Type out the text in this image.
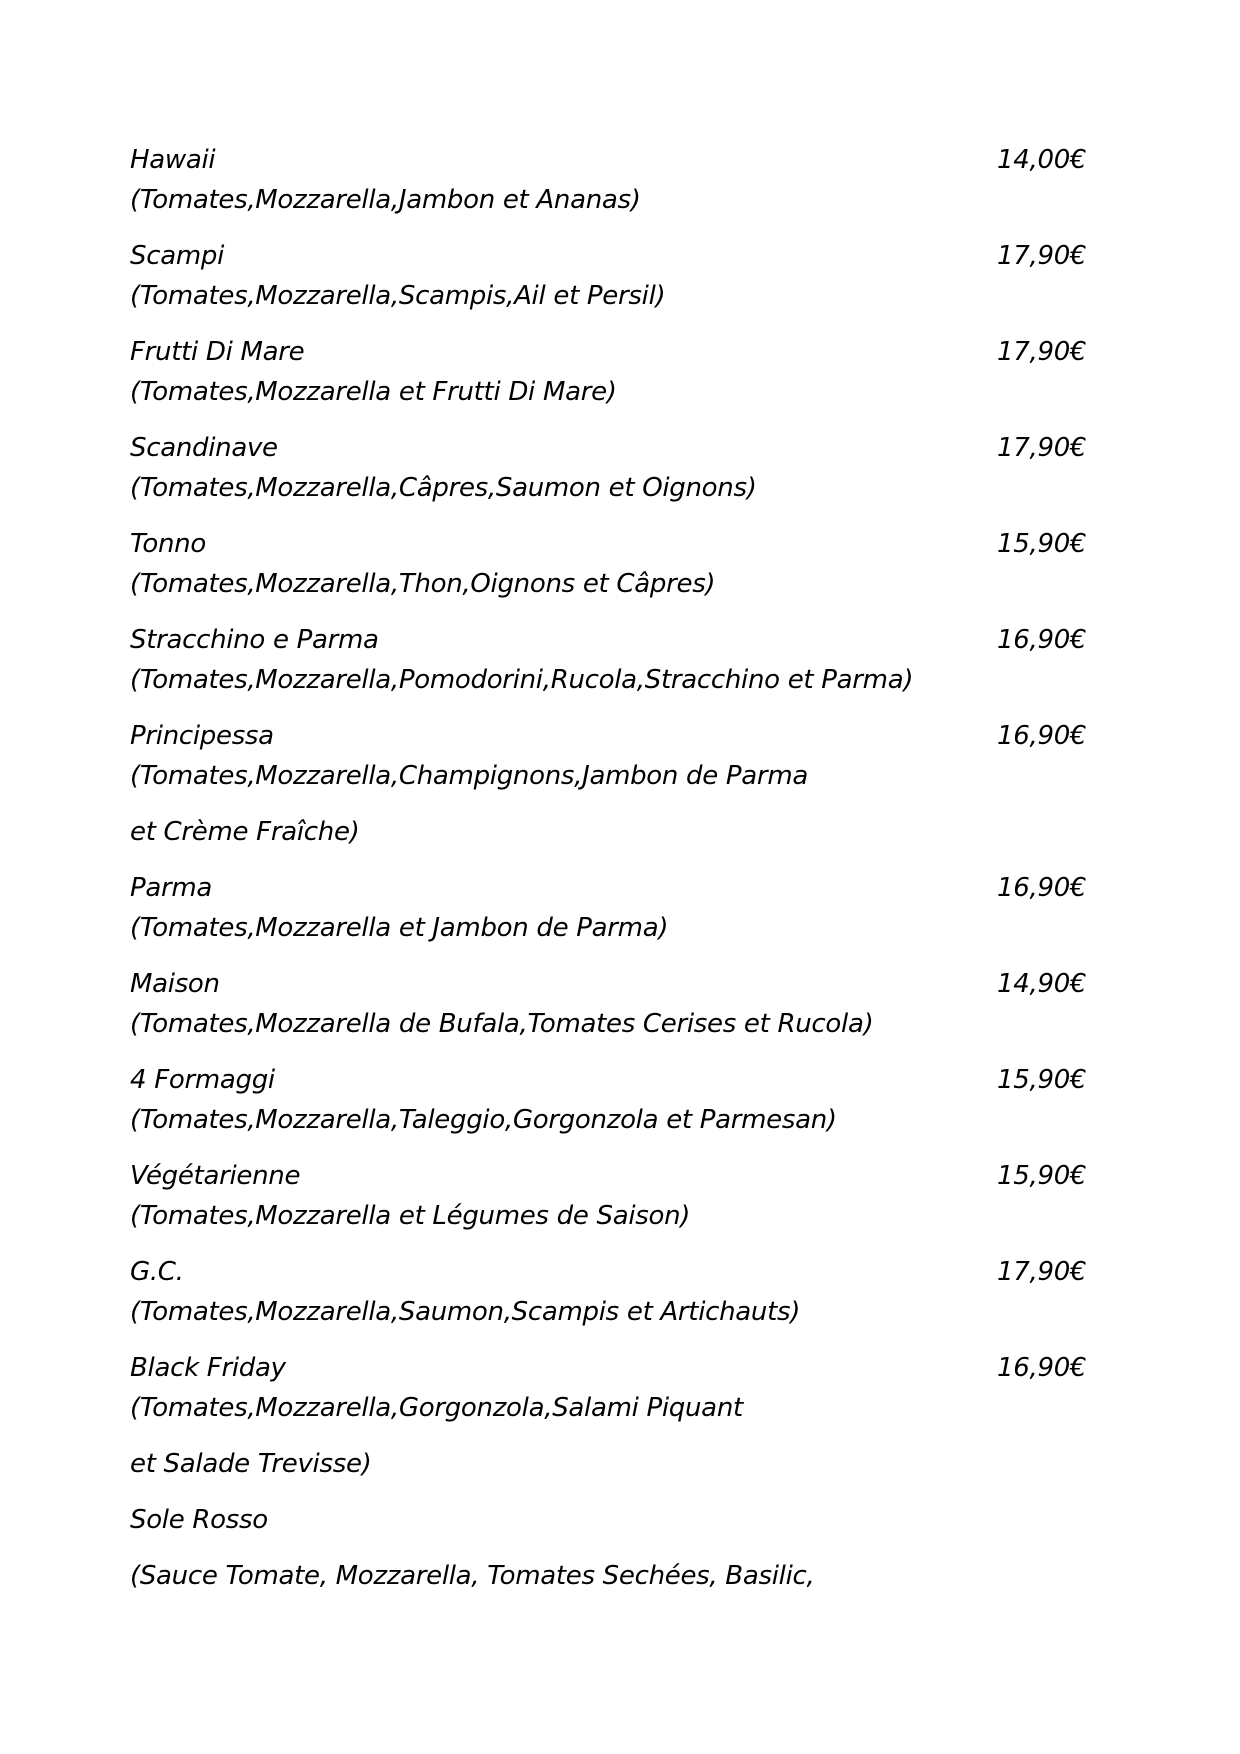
Hawaii	14,00€
(Tomates,Mozzarella,Jambon et Ananas)
Scampi	17,90€
(Tomates,Mozzarella,Scampis,Ail et Persil)
Frutti Di Mare	17,90€
(Tomates,Mozzarella et Frutti Di Mare)
Scandinave	17,90€
(Tomates,Mozzarella,Câpres,Saumon et Oignons)
Tonno	15,90€
(Tomates,Mozzarella,Thon,Oignons et Câpres)
Stracchino e Parma	16,90€
(Tomates,Mozzarella,Pomodorini,Rucola,Stracchino et Parma)
Principessa	16,90€
(Tomates,Mozzarella,Champignons,Jambon de Parma
et Crème Fraîche)
Parma	16,90€
(Tomates,Mozzarella et Jambon de Parma)
Maison	14,90€
(Tomates,Mozzarella de Bufala,Tomates Cerises et Rucola)
4 Formaggi	15,90€
(Tomates,Mozzarella,Taleggio,Gorgonzola et Parmesan)
Végétarienne	15,90€
(Tomates,Mozzarella et Légumes de Saison)
G.C.	17,90€
(Tomates,Mozzarella,Saumon,Scampis et Artichauts)
Black Friday	16,90€
(Tomates,Mozzarella,Gorgonzola,Salami Piquant
et Salade Trevisse)
Sole Rosso
(Sauce Tomate, Mozzarella, Tomates Sechées, Basilic,
